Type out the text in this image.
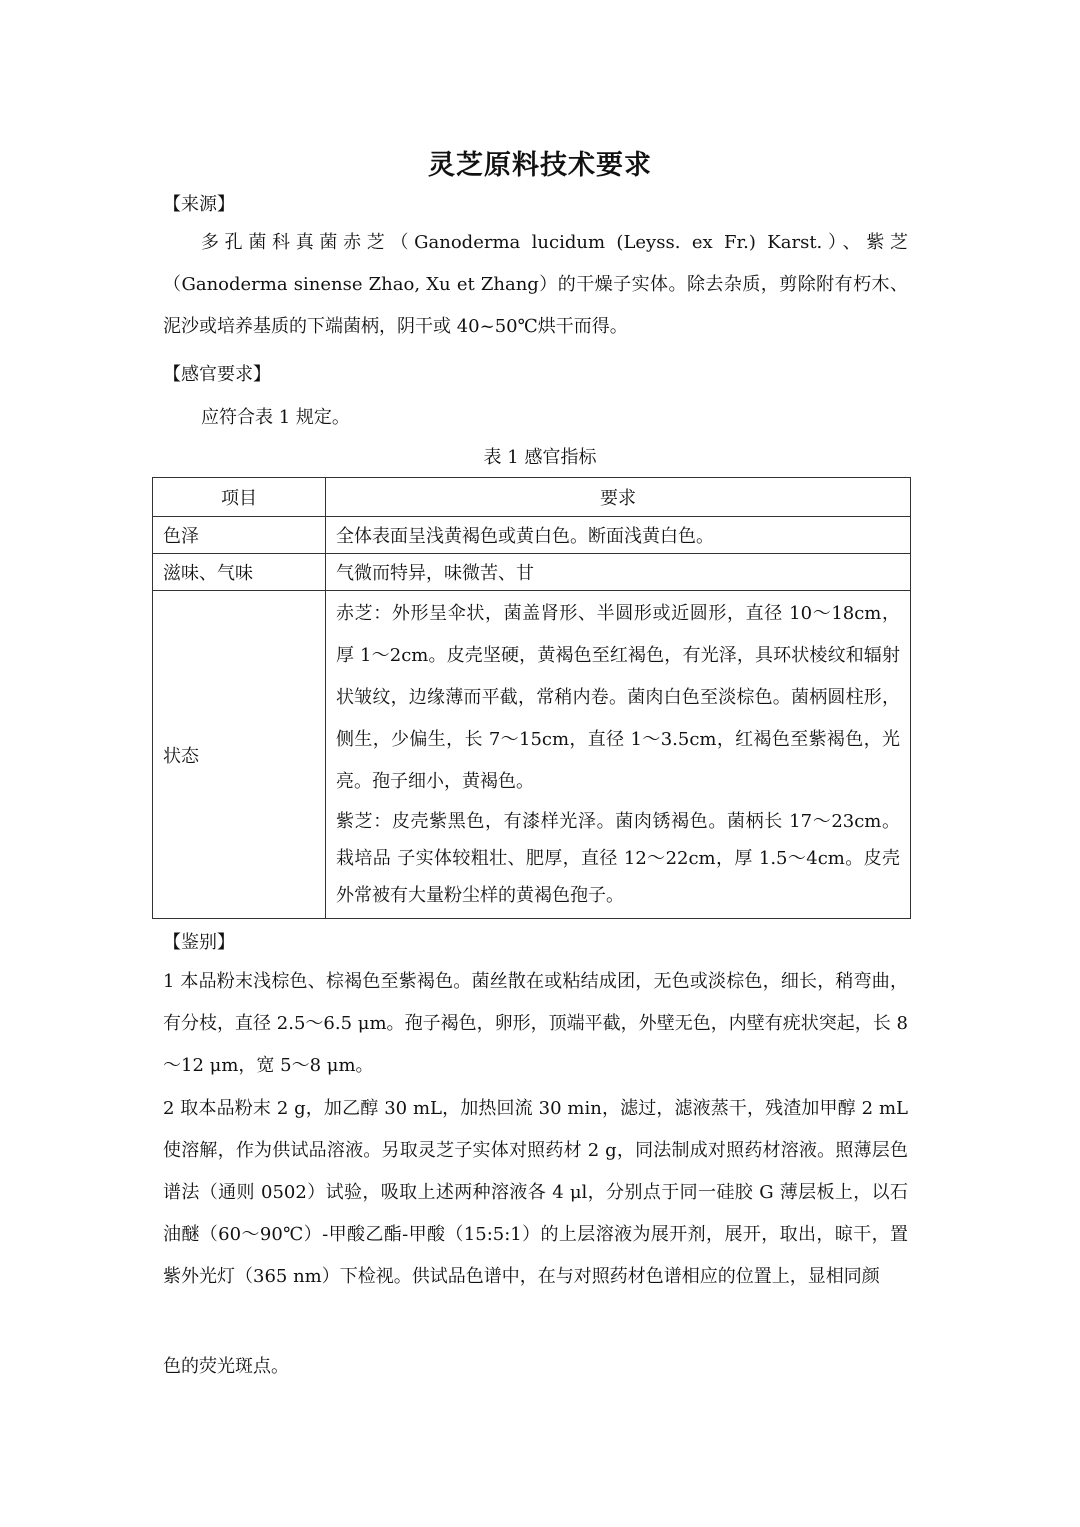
灵芝原料技术要求
【来源】
多孔菌科真菌赤芝（Ganoderma lucidum (Leyss. ex Fr.) Karst.）、紫芝（Ganoderma sinense Zhao, Xu et Zhang）的干燥子实体。除去杂质，剪除附有朽木、泥沙或培养基质的下端菌柄，阴干或 40~50℃烘干而得。
【感官要求】
应符合表 1 规定。
表 1 感官指标
项目	要求
色泽	全体表面呈浅黄褐色或黄白色。断面浅黄白色。
滋味、气味	气微而特异，味微苦、甘
状态	赤芝：外形呈伞状，菌盖肾形、半圆形或近圆形，直径 10～18cm，厚 1～2cm。皮壳坚硬，黄褐色至红褐色，有光泽，具环状棱纹和辐射状皱纹，边缘薄而平截，常稍内卷。菌肉白色至淡棕色。菌柄圆柱形，侧生，少偏生，长 7～15cm，直径 1～3.5cm，红褐色至紫褐色，光亮。孢子细小，黄褐色。
紫芝：皮壳紫黑色，有漆样光泽。菌肉锈褐色。菌柄长 17～23cm。栽培品 子实体较粗壮、肥厚，直径 12～22cm，厚 1.5～4cm。皮壳外常被有大量粉尘样的黄褐色孢子。
【鉴别】
1 本品粉末浅棕色、棕褐色至紫褐色。菌丝散在或粘结成团，无色或淡棕色，细长，稍弯曲，有分枝，直径 2.5～6.5 μm。孢子褐色，卵形，顶端平截，外壁无色，内壁有疣状突起，长 8～12 μm，宽 5～8 μm。
2 取本品粉末 2 g，加乙醇 30 mL，加热回流 30 min，滤过，滤液蒸干，残渣加甲醇 2 mL 使溶解，作为供试品溶液。另取灵芝子实体对照药材 2 g，同法制成对照药材溶液。照薄层色谱法（通则 0502）试验，吸取上述两种溶液各 4 μl，分别点于同一硅胶 G 薄层板上，以石油醚（60～90℃）-甲酸乙酯-甲酸（15:5:1）的上层溶液为展开剂，展开，取出，晾干，置紫外光灯（365 nm）下检视。供试品色谱中，在与对照药材色谱相应的位置上，显相同颜
色的荧光斑点。
